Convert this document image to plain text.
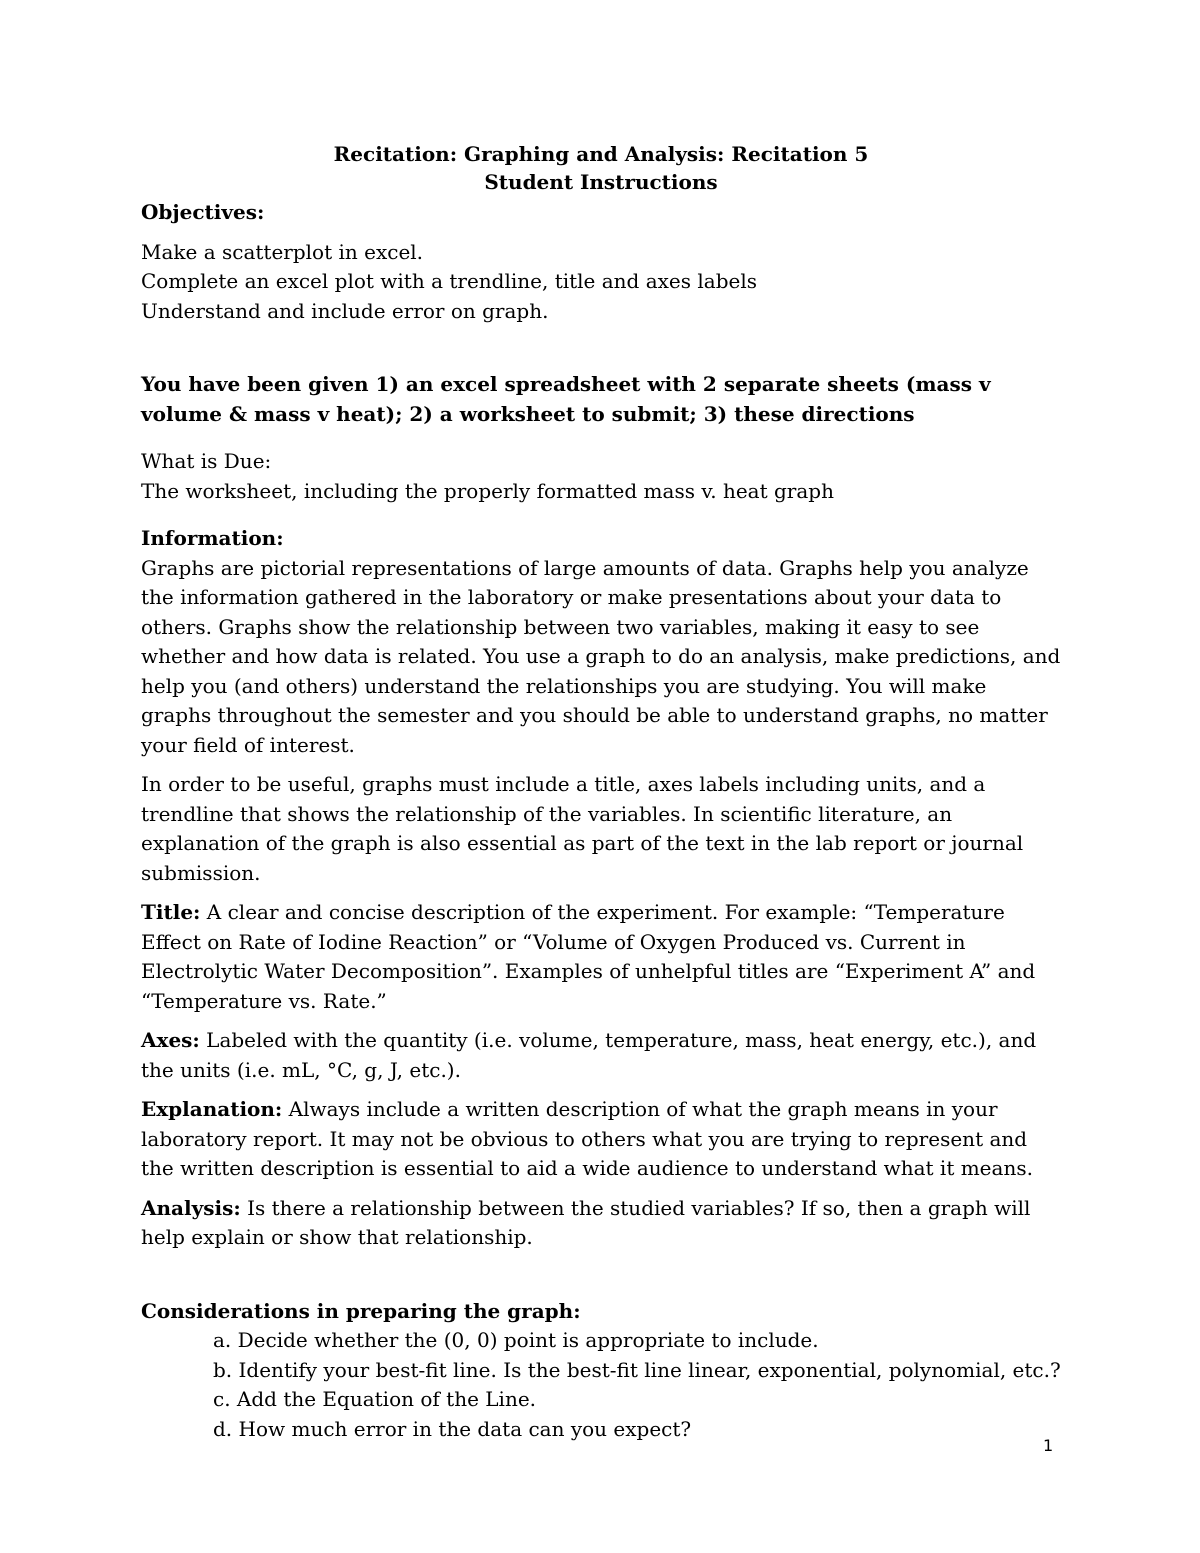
Recitation: Graphing and Analysis: Recitation 5
Student Instructions

Objectives:

Make a scatterplot in excel.

Complete an excel plot with a trendline, title and axes labels

Understand and include error on graph.

You have been given 1) an excel spreadsheet with 2 separate sheets (mass v volume & mass v heat); 2) a worksheet to submit; 3) these directions

What is Due:

The worksheet, including the properly formatted mass v. heat graph

Information:

Graphs are pictorial representations of large amounts of data. Graphs help you analyze the information gathered in the laboratory or make presentations about your data to others. Graphs show the relationship between two variables, making it easy to see whether and how data is related. You use a graph to do an analysis, make predictions, and help you (and others) understand the relationships you are studying. You will make graphs throughout the semester and you should be able to understand graphs, no matter your field of interest.

In order to be useful, graphs must include a title, axes labels including units, and a trendline that shows the relationship of the variables. In scientific literature, an explanation of the graph is also essential as part of the text in the lab report or journal submission.

Title: A clear and concise description of the experiment. For example: “Temperature Effect on Rate of Iodine Reaction” or “Volume of Oxygen Produced vs. Current in Electrolytic Water Decomposition”. Examples of unhelpful titles are “Experiment A” and “Temperature vs. Rate.”

Axes: Labeled with the quantity (i.e. volume, temperature, mass, heat energy, etc.), and the units (i.e. mL, °C, g, J, etc.).

Explanation: Always include a written description of what the graph means in your laboratory report. It may not be obvious to others what you are trying to represent and the written description is essential to aid a wide audience to understand what it means.

Analysis: Is there a relationship between the studied variables? If so, then a graph will help explain or show that relationship.

Considerations in preparing the graph:

a. Decide whether the (0, 0) point is appropriate to include.
b. Identify your best-fit line. Is the best-fit line linear, exponential, polynomial, etc.?
c. Add the Equation of the Line.
d. How much error in the data can you expect?
1
